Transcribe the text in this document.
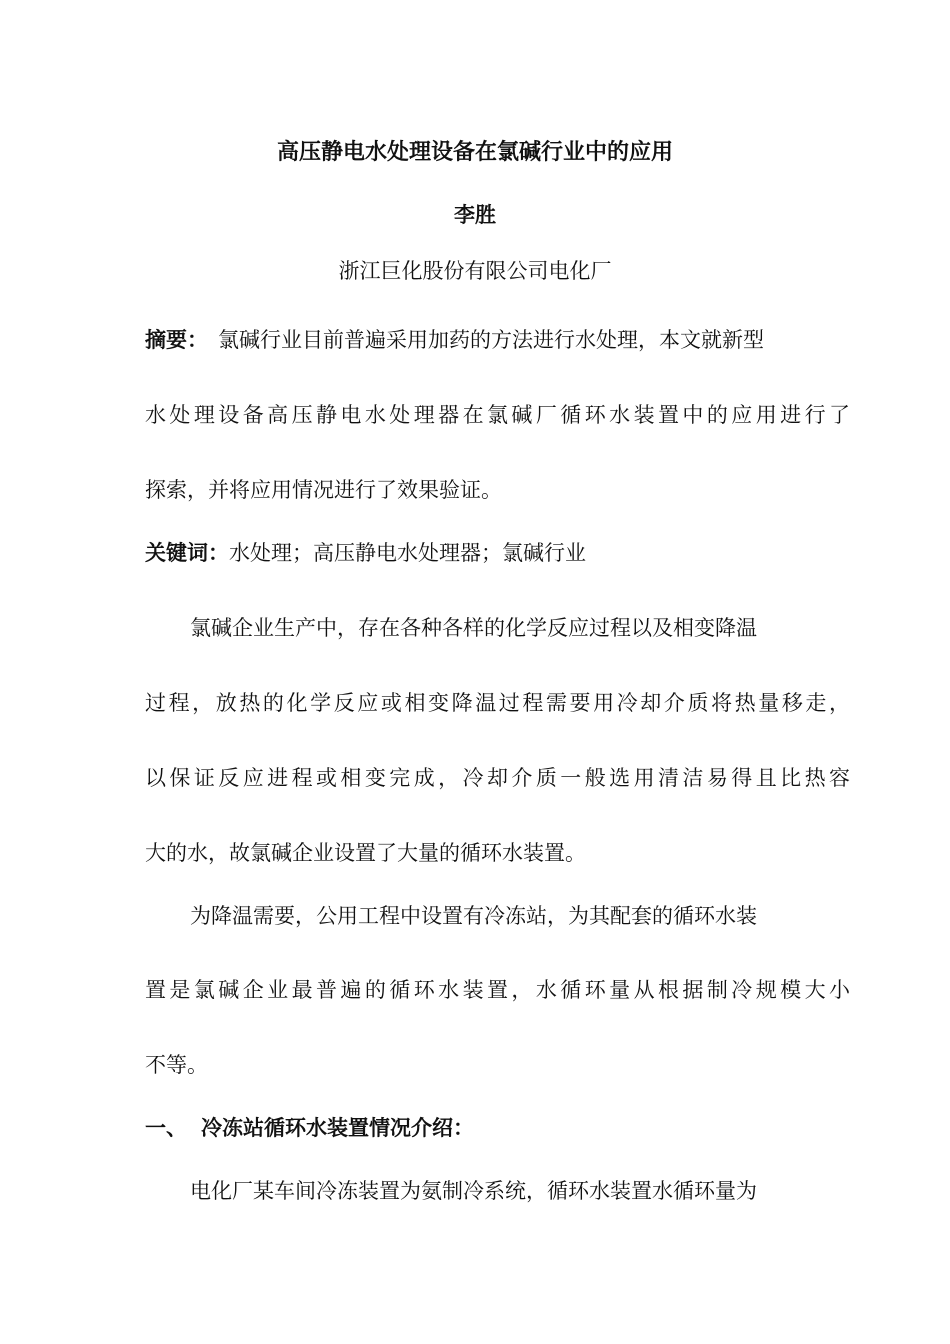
高压静电水处理设备在氯碱行业中的应用
李胜
浙江巨化股份有限公司电化厂
摘要： 氯碱行业目前普遍采用加药的方法进行水处理，本文就新型
水处理设备高压静电水处理器在氯碱厂循环水装置中的应用进行了
探索，并将应用情况进行了效果验证。
关键词：水处理；高压静电水处理器；氯碱行业
氯碱企业生产中，存在各种各样的化学反应过程以及相变降温
过程，放热的化学反应或相变降温过程需要用冷却介质将热量移走，
以保证反应进程或相变完成，冷却介质一般选用清洁易得且比热容
大的水，故氯碱企业设置了大量的循环水装置。
为降温需要，公用工程中设置有冷冻站，为其配套的循环水装
置是氯碱企业最普遍的循环水装置，水循环量从根据制冷规模大小
不等。
一、 冷冻站循环水装置情况介绍：
电化厂某车间冷冻装置为氨制冷系统，循环水装置水循环量为
